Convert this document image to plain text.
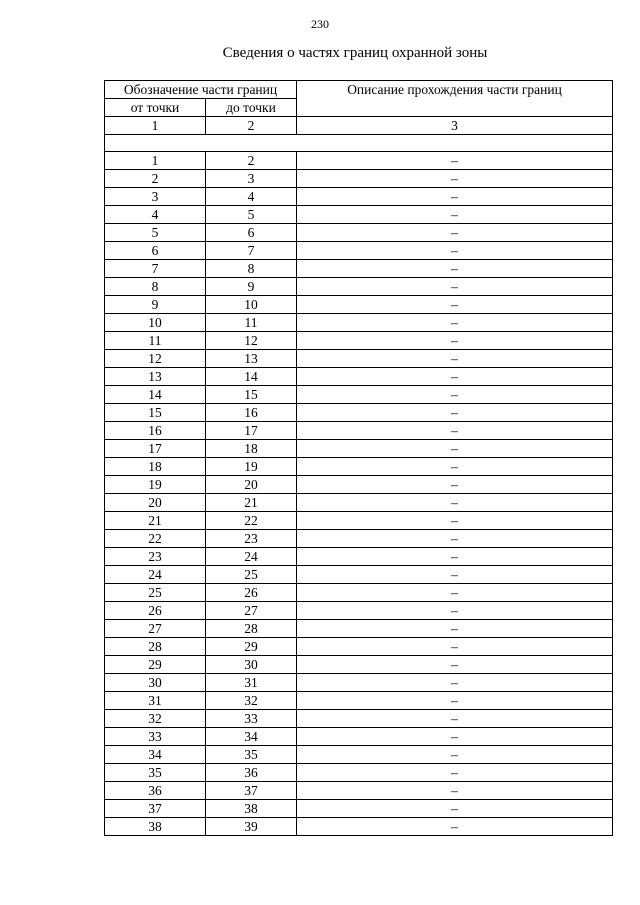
230
Сведения о частях границ охранной зоны
Обозначение части границ		Описание прохождения части границ
от точки	до точки	
1	2	3

1	2	–
2	3	–
3	4	–
4	5	–
5	6	–
6	7	–
7	8	–
8	9	–
9	10	–
10	11	–
11	12	–
12	13	–
13	14	–
14	15	–
15	16	–
16	17	–
17	18	–
18	19	–
19	20	–
20	21	–
21	22	–
22	23	–
23	24	–
24	25	–
25	26	–
26	27	–
27	28	–
28	29	–
29	30	–
30	31	–
31	32	–
32	33	–
33	34	–
34	35	–
35	36	–
36	37	–
37	38	–
38	39	–
